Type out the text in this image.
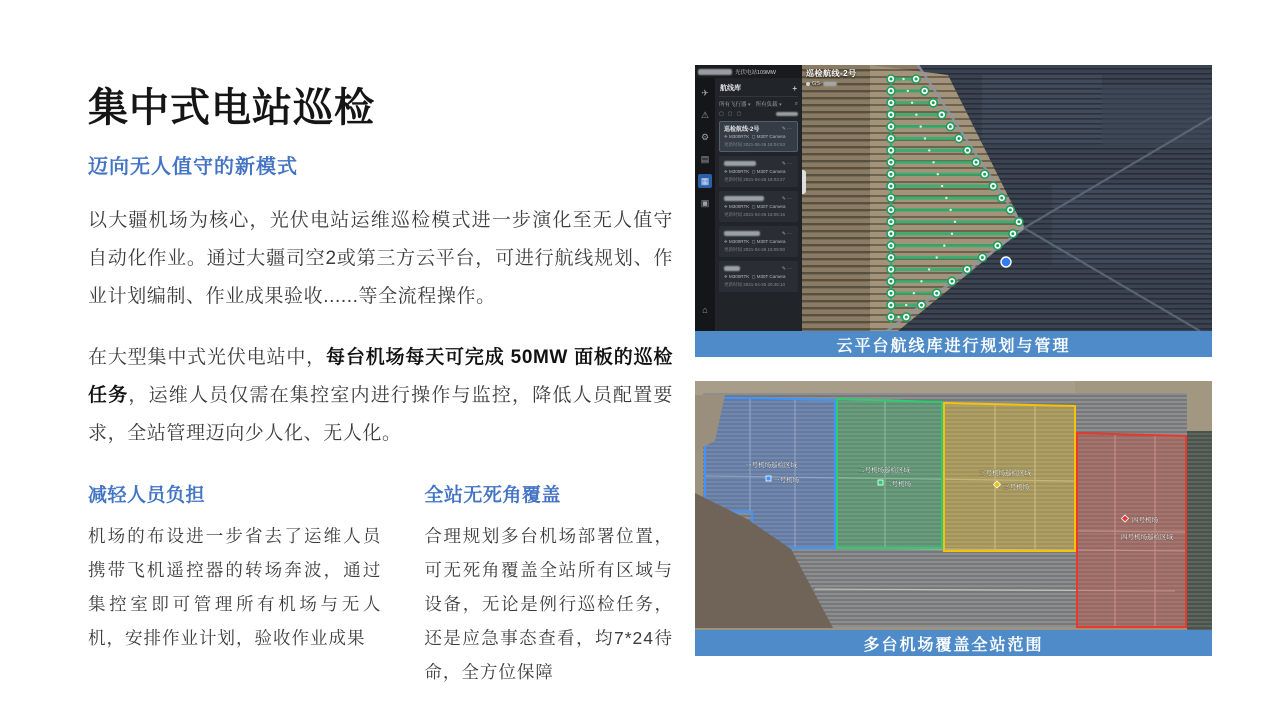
集中式电站巡检
迈向无人值守的新模式
以大疆机场为核心，光伏电站运维巡检模式进一步演化至无人值守自动化作业。通过大疆司空2或第三方云平台，可进行航线规划、作业计划编制、作业成果验收......等全流程操作。
在大型集中式光伏电站中，每台机场每天可完成 50MW 面板的巡检任务，运维人员仅需在集控室内进行操作与监控，降低人员配置要求，全站管理迈向少人化、无人化。
减轻人员负担
机场的布设进一步省去了运维人员携带飞机遥控器的转场奔波，通过集控室即可管理所有机场与无人机，安排作业计划，验收作业成果
全站无死角覆盖
合理规划多台机场部署位置，可无死角覆盖全站所有区域与设备，无论是例行巡检任务，还是应急事态查看，均7*24待命，全方位保障
光伏电站109MW
✈
⚠
⚙
▤
▦
▣
⌂
航线库	+
所有飞行器 ▾ 所有负载 ▾ ⌕
▢ ▢ ▢
巡检航线-2号	✎⋯
✈ M300RTK ◻ M30T Camera
更新时间 2021-06-26 18:04:53
✎⋯
✈ M300RTK ◻ M30T Camera
更新时间 2021-04-26 18:03:27
✎⋯
✈ M300RTK ◻ M30T Camera
更新时间 2021-04-26 15:05:16
✎⋯
✈ M300RTK ◻ M30T Camera
更新时间 2021-04-26 15:08:50
✎⋯
✈ M300RTK ◻ M30T Camera
更新时间 2021-04-25 20:46:10
巡检航线-2号
GS-
云平台航线库进行规划与管理
一号机场巡检区域
一号机场
二号机场巡检区域
二号机场
三号机场巡检区域
三号机场
四号机场
四号机场巡检区域
多台机场覆盖全站范围
